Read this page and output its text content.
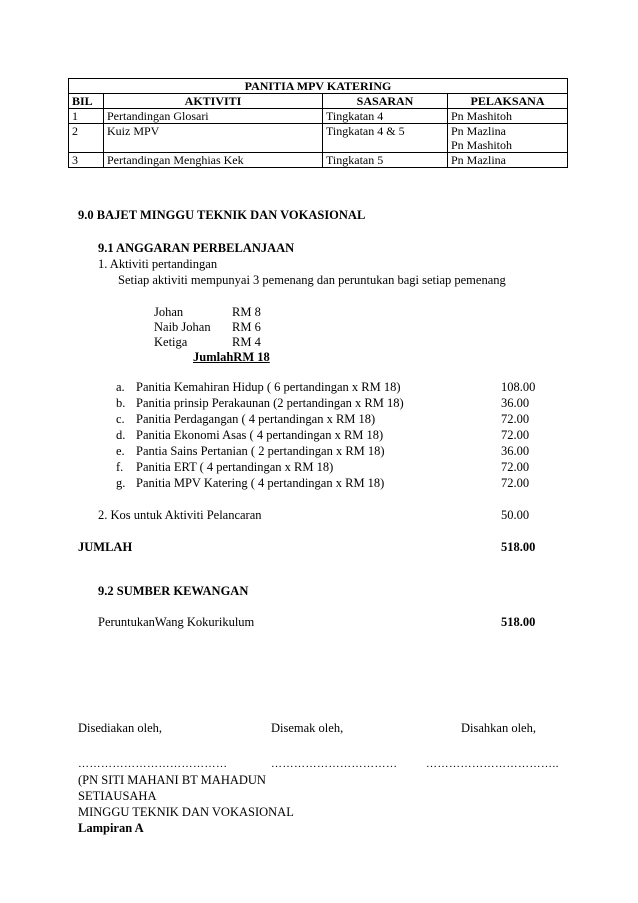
PANITIA MPV KATERING			
BIL	AKTIVITI	SASARAN	PELAKSANA
1	Pertandingan Glosari	Tingkatan 4	Pn Mashitoh

2	Kuiz MPV	Tingkatan 4 & 5	Pn Mazlina
Pn Mashitoh

3	Pertandingan Menghias Kek	Tingkatan 5	Pn Mazlina
9.0 BAJET MINGGU TEKNIK DAN VOKASIONAL
9.1 ANGGARAN PERBELANJAAN
1. Aktiviti pertandingan
Setiap aktiviti mempunyai 3 pemenang dan peruntukan bagi setiap pemenang
Johan	RM 8
Naib Johan RM 6
Ketiga	RM 4
JumlahRM 18
a. Panitia Kemahiran Hidup ( 6 pertandingan x RM 18)	108.00
b. Panitia prinsip Perakaunan (2 pertandingan x RM 18)	36.00
c. Panitia Perdagangan ( 4 pertandingan x RM 18)	72.00
d. Panitia Ekonomi Asas ( 4 pertandingan x RM 18)	72.00
e. Pantia Sains Pertanian ( 2 pertandingan x RM 18)	36.00
f. Panitia ERT ( 4 pertandingan x RM 18)	72.00
g. Panitia MPV Katering ( 4 pertandingan x RM 18)	72.00
2. Kos untuk Aktiviti Pelancaran	50.00
JUMLAH	518.00
9.2 SUMBER KEWANGAN
PeruntukanWang Kokurikulum	518.00
Disediakan oleh,	Disemak oleh,	Disahkan oleh,
…………………………………	……………………………	……………………………..
(PN SITI MAHANI BT MAHADUN
SETIAUSAHA
MINGGU TEKNIK DAN VOKASIONAL
Lampiran A
